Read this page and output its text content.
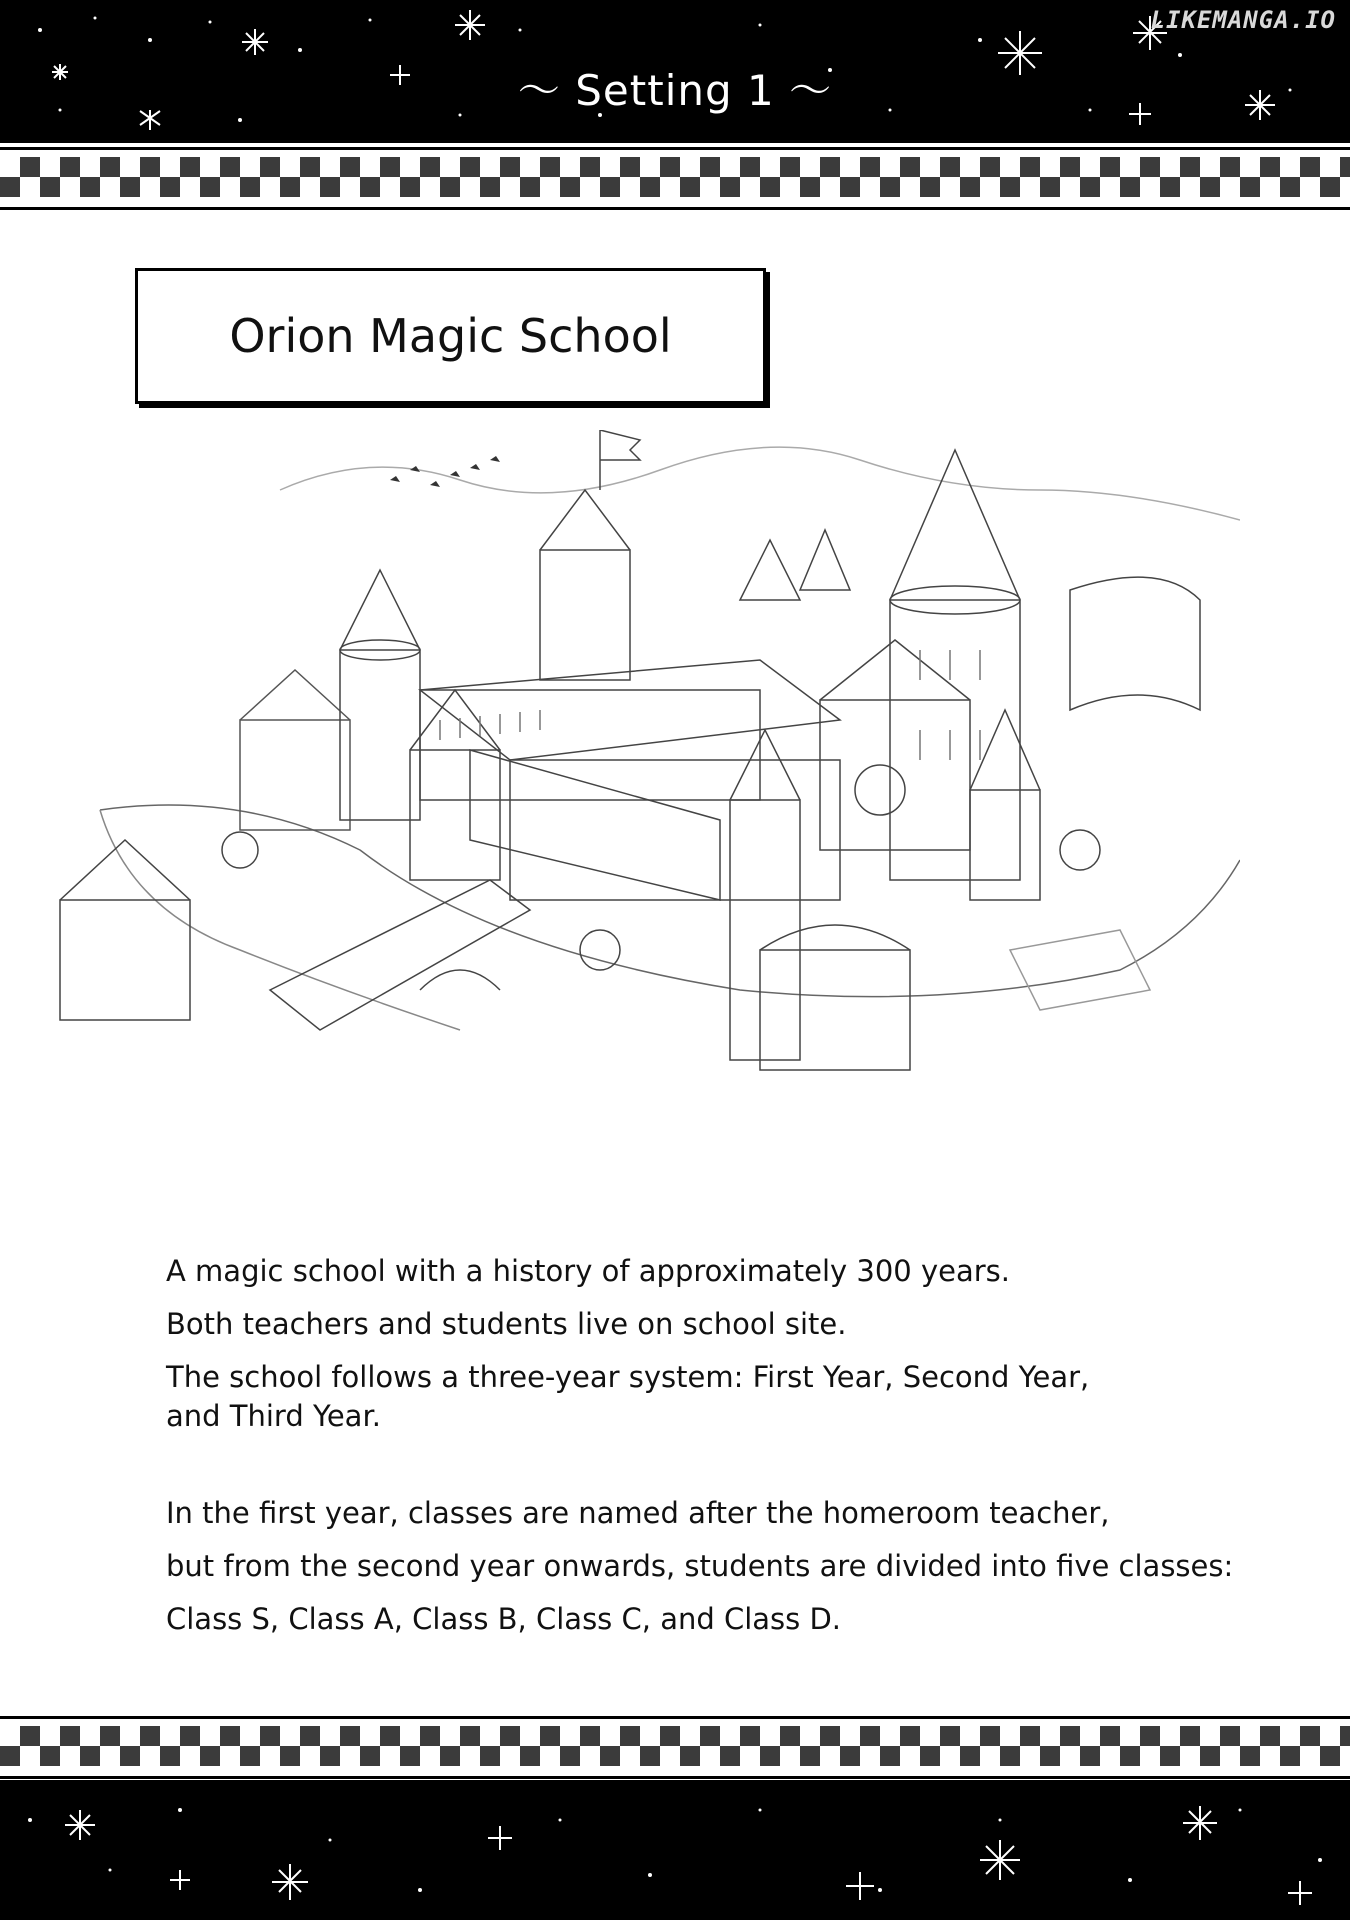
〜 Setting 1 〜
LIKEMANGA.IO
Orion Magic School

A magic school with a history of approximately 300 years.

Both teachers and students live on school site.

The school follows a three-year system: First Year, Second Year,

and Third Year.

In the first year, classes are named after the homeroom teacher,

but from the second year onwards, students are divided into five classes:

Class S, Class A, Class B, Class C, and Class D.
